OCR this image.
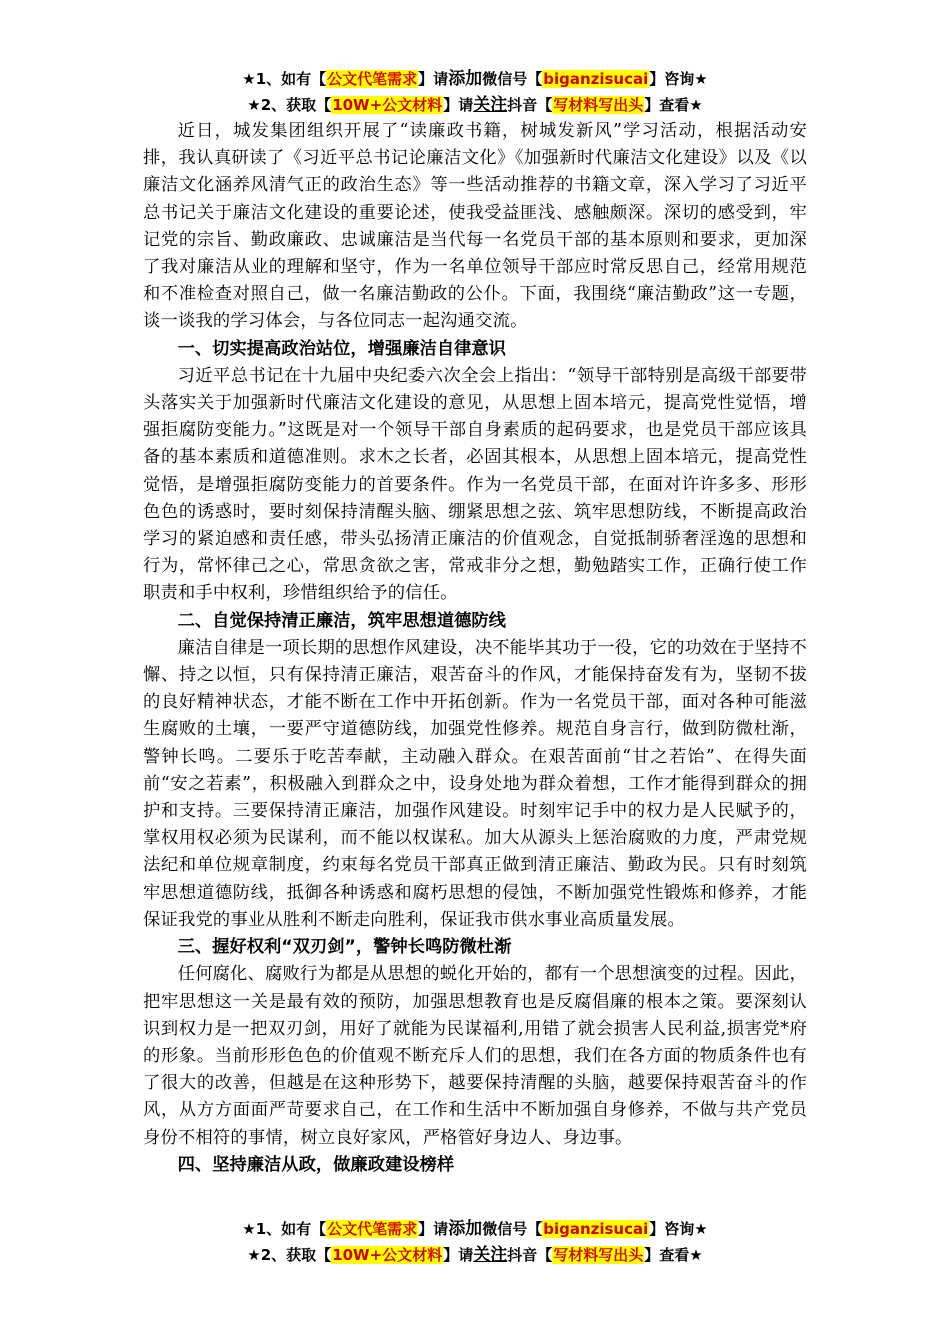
★1、如有【公文代笔需求】请添加微信号【biganzisucai】咨询★
★2、获取【10W+公文材料】请关注抖音【写材料写出头】查看★

近日，城发集团组织开展了“读廉政书籍，树城发新风”学习活动，根据活动安排，我认真研读了《习近平总书记论廉洁文化》《加强新时代廉洁文化建设》以及《以廉洁文化涵养风清气正的政治生态》等一些活动推荐的书籍文章，深入学习了习近平总书记关于廉洁文化建设的重要论述，使我受益匪浅、感触颇深。深切的感受到，牢记党的宗旨、勤政廉政、忠诚廉洁是当代每一名党员干部的基本原则和要求，更加深了我对廉洁从业的理解和坚守，作为一名单位领导干部应时常反思自己，经常用规范和不准检查对照自己，做一名廉洁勤政的公仆。下面，我围绕“廉洁勤政”这一专题，谈一谈我的学习体会，与各位同志一起沟通交流。

一、切实提高政治站位，增强廉洁自律意识

习近平总书记在十九届中央纪委六次全会上指出：“领导干部特别是高级干部要带头落实关于加强新时代廉洁文化建设的意见，从思想上固本培元，提高党性觉悟，增强拒腐防变能力。”这既是对一个领导干部自身素质的起码要求，也是党员干部应该具备的基本素质和道德准则。求木之长者，必固其根本，从思想上固本培元，提高党性觉悟，是增强拒腐防变能力的首要条件。作为一名党员干部，在面对许许多多、形形色色的诱惑时，要时刻保持清醒头脑、绷紧思想之弦、筑牢思想防线，不断提高政治学习的紧迫感和责任感，带头弘扬清正廉洁的价值观念，自觉抵制骄奢淫逸的思想和行为，常怀律己之心，常思贪欲之害，常戒非分之想，勤勉踏实工作，正确行使工作职责和手中权利，珍惜组织给予的信任。

二、自觉保持清正廉洁，筑牢思想道德防线

廉洁自律是一项长期的思想作风建设，决不能毕其功于一役，它的功效在于坚持不懈、持之以恒，只有保持清正廉洁，艰苦奋斗的作风，才能保持奋发有为，坚韧不拔的良好精神状态，才能不断在工作中开拓创新。作为一名党员干部，面对各种可能滋生腐败的土壤，一要严守道德防线，加强党性修养。规范自身言行，做到防微杜渐，警钟长鸣。二要乐于吃苦奉献，主动融入群众。在艰苦面前“甘之若饴”、在得失面前“安之若素”，积极融入到群众之中，设身处地为群众着想，工作才能得到群众的拥护和支持。三要保持清正廉洁，加强作风建设。时刻牢记手中的权力是人民赋予的，掌权用权必须为民谋利，而不能以权谋私。加大从源头上惩治腐败的力度，严肃党规法纪和单位规章制度，约束每名党员干部真正做到清正廉洁、勤政为民。只有时刻筑牢思想道德防线，抵御各种诱惑和腐朽思想的侵蚀，不断加强党性锻炼和修养，才能保证我党的事业从胜利不断走向胜利，保证我市供水事业高质量发展。

三、握好权利“双刃剑”，警钟长鸣防微杜渐

任何腐化、腐败行为都是从思想的蜕化开始的，都有一个思想演变的过程。因此，把牢思想这一关是最有效的预防，加强思想教育也是反腐倡廉的根本之策。要深刻认识到权力是一把双刃剑，用好了就能为民谋福利,用错了就会损害人民利益,损害党*府的形象。当前形形色色的价值观不断充斥人们的思想，我们在各方面的物质条件也有了很大的改善，但越是在这种形势下，越要保持清醒的头脑，越要保持艰苦奋斗的作风，从方方面面严苛要求自己，在工作和生活中不断加强自身修养，不做与共产党员身份不相符的事情，树立良好家风，严格管好身边人、身边事。

四、坚持廉洁从政，做廉政建设榜样
★1、如有【公文代笔需求】请添加微信号【biganzisucai】咨询★
★2、获取【10W+公文材料】请关注抖音【写材料写出头】查看★
